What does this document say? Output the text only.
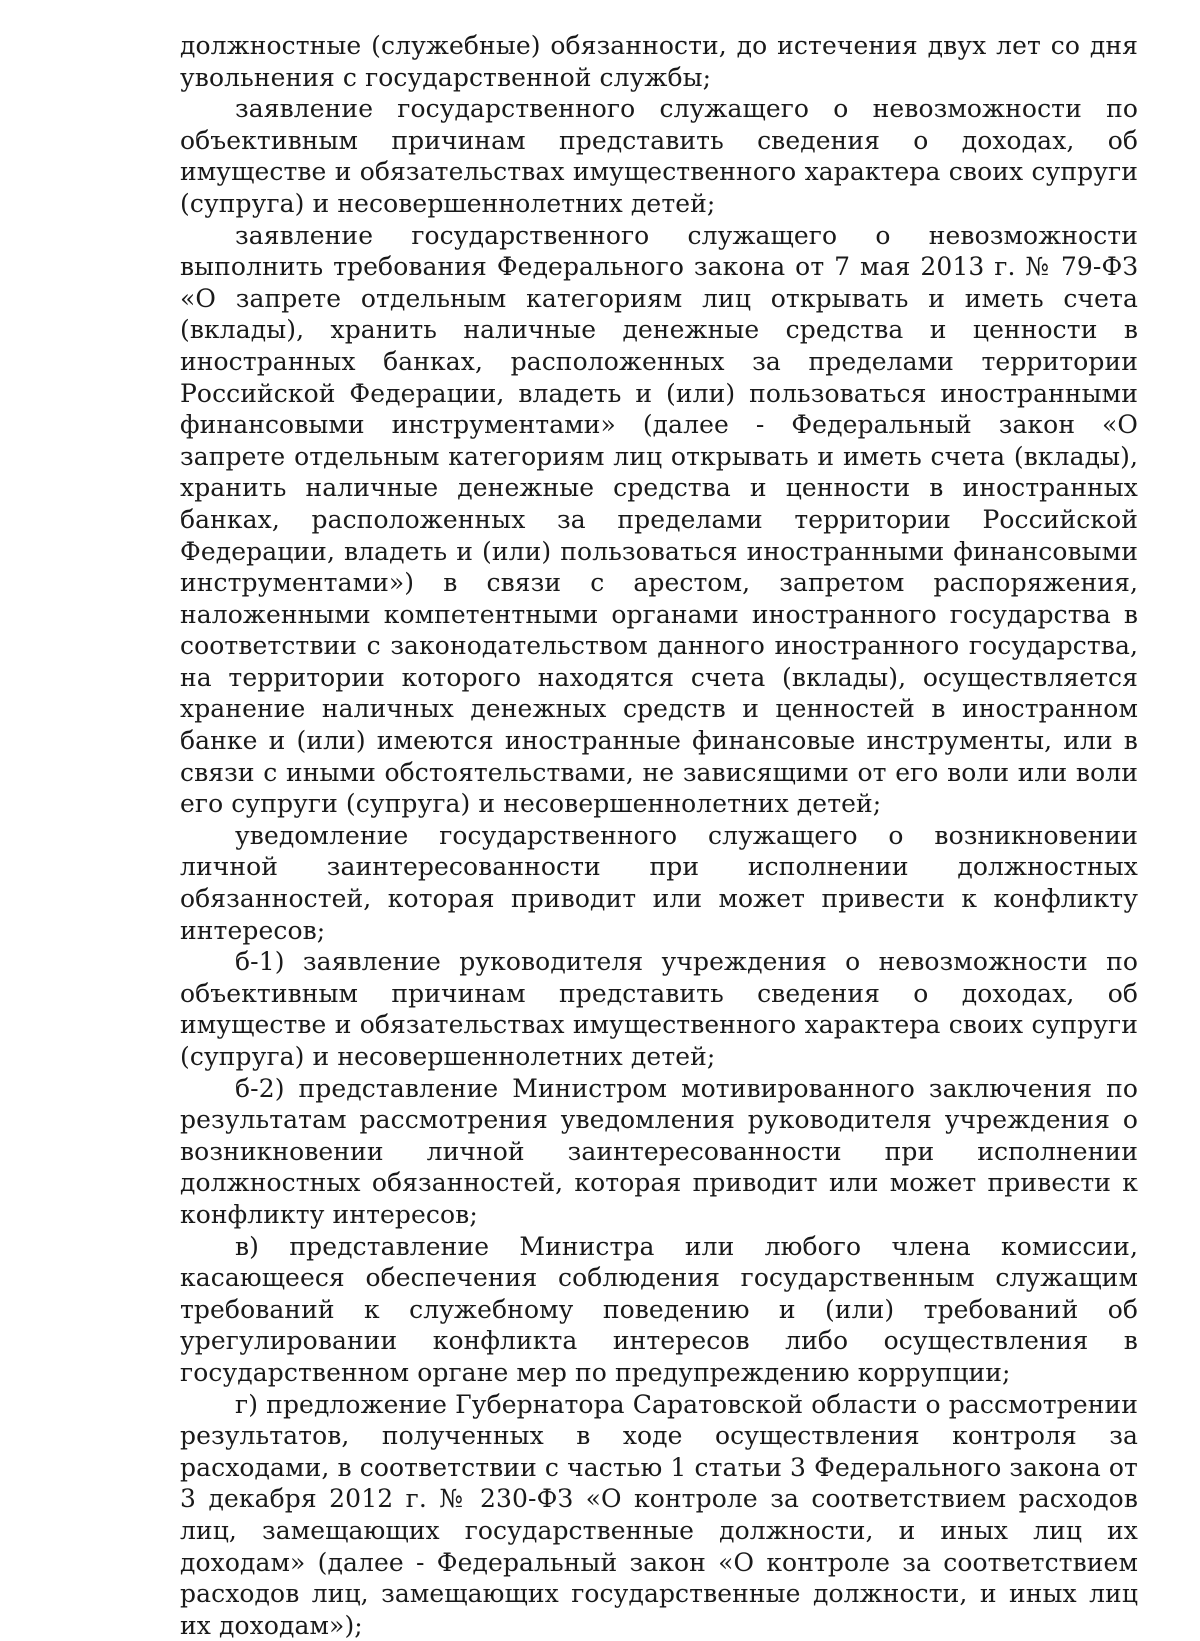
должностные (служебные) обязанности, до истечения двух лет со дня увольнения с государственной службы;

заявление государственного служащего о невозможности по объективным причинам представить сведения о доходах, об имуществе и обязательствах имущественного характера своих супруги (супруга) и несовершеннолетних детей;

заявление государственного служащего о невозможности выполнить требования Федерального закона от 7 мая 2013 г. № 79-ФЗ «О запрете отдельным категориям лиц открывать и иметь счета (вклады), хранить наличные денежные средства и ценности в иностранных банках, расположенных за пределами территории Российской Федерации, владеть и (или) пользоваться иностранными финансовыми инструментами» (далее - Федеральный закон «О запрете отдельным категориям лиц открывать и иметь счета (вклады), хранить наличные денежные средства и ценности в иностранных банках, расположенных за пределами территории Российской Федерации, владеть и (или) пользоваться иностранными финансовыми инструментами») в связи с арестом, запретом распоряжения, наложенными компетентными органами иностранного государства в соответствии с законодательством данного иностранного государства, на территории которого находятся счета (вклады), осуществляется хранение наличных денежных средств и ценностей в иностранном банке и (или) имеются иностранные финансовые инструменты, или в связи с иными обстоятельствами, не зависящими от его воли или воли его супруги (супруга) и несовершеннолетних детей;

уведомление государственного служащего о возникновении личной заинтересованности при исполнении должностных обязанностей, которая приводит или может привести к конфликту интересов;

б-1) заявление руководителя учреждения о невозможности по объективным причинам представить сведения о доходах, об имуществе и обязательствах имущественного характера своих супруги (супруга) и несовершеннолетних детей;

б-2) представление Министром мотивированного заключения по результатам рассмотрения уведомления руководителя учреждения о возникновении личной заинтересованности при исполнении должностных обязанностей, которая приводит или может привести к конфликту интересов;

в) представление Министра или любого члена комиссии, касающееся обеспечения соблюдения государственным служащим требований к служебному поведению и (или) требований об урегулировании конфликта интересов либо осуществления в государственном органе мер по предупреждению коррупции;

г) предложение Губернатора Саратовской области о рассмотрении результатов, полученных в ходе осуществления контроля за расходами, в соответствии с частью 1 статьи 3 Федерального закона от 3 декабря 2012 г. № 230-ФЗ «О контроле за соответствием расходов лиц, замещающих государственные должности, и иных лиц их доходам» (далее - Федеральный закон «О контроле за соответствием расходов лиц, замещающих государственные должности, и иных лиц их доходам»);
